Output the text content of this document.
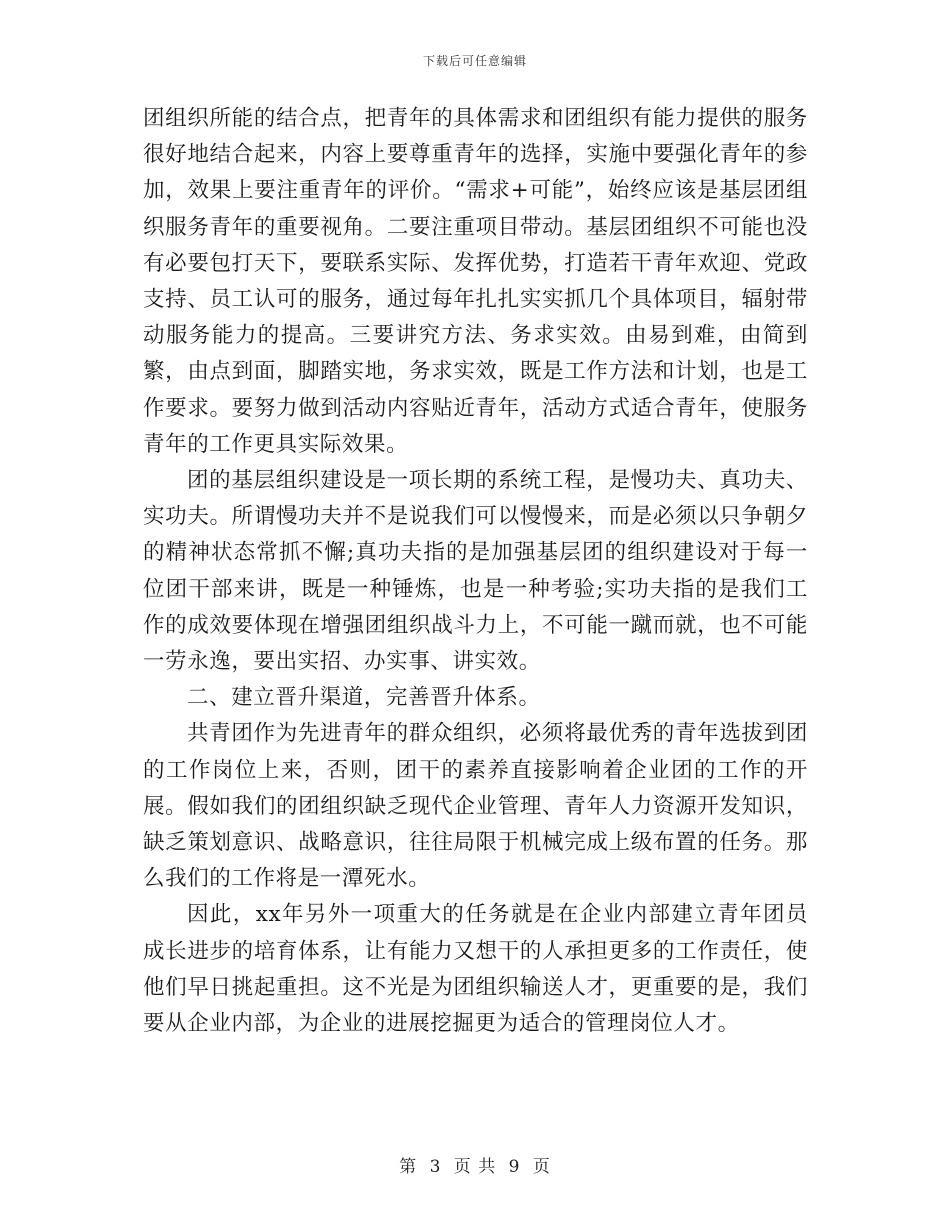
下载后可任意编辑

团组织所能的结合点，把青年的具体需求和团组织有能力提供的服务很好地结合起来，内容上要尊重青年的选择，实施中要强化青年的参加，效果上要注重青年的评价。“需求+可能”，始终应该是基层团组织服务青年的重要视角。二要注重项目带动。基层团组织不可能也没有必要包打天下，要联系实际、发挥优势，打造若干青年欢迎、党政支持、员工认可的服务，通过每年扎扎实实抓几个具体项目，辐射带动服务能力的提高。三要讲究方法、务求实效。由易到难，由简到繁，由点到面，脚踏实地，务求实效，既是工作方法和计划，也是工作要求。要努力做到活动内容贴近青年，活动方式适合青年，使服务青年的工作更具实际效果。

团的基层组织建设是一项长期的系统工程，是慢功夫、真功夫、实功夫。所谓慢功夫并不是说我们可以慢慢来，而是必须以只争朝夕的精神状态常抓不懈;真功夫指的是加强基层团的组织建设对于每一位团干部来讲，既是一种锤炼，也是一种考验;实功夫指的是我们工作的成效要体现在增强团组织战斗力上，不可能一蹴而就，也不可能一劳永逸，要出实招、办实事、讲实效。

二、建立晋升渠道，完善晋升体系。

共青团作为先进青年的群众组织，必须将最优秀的青年选拔到团的工作岗位上来，否则，团干的素养直接影响着企业团的工作的开展。假如我们的团组织缺乏现代企业管理、青年人力资源开发知识，缺乏策划意识、战略意识，往往局限于机械完成上级布置的任务。那么我们的工作将是一潭死水。

因此，xx年另外一项重大的任务就是在企业内部建立青年团员成长进步的培育体系，让有能力又想干的人承担更多的工作责任，使他们早日挑起重担。这不光是为团组织输送人才，更重要的是，我们要从企业内部，为企业的进展挖掘更为适合的管理岗位人才。

第 3 页 共 9 页
